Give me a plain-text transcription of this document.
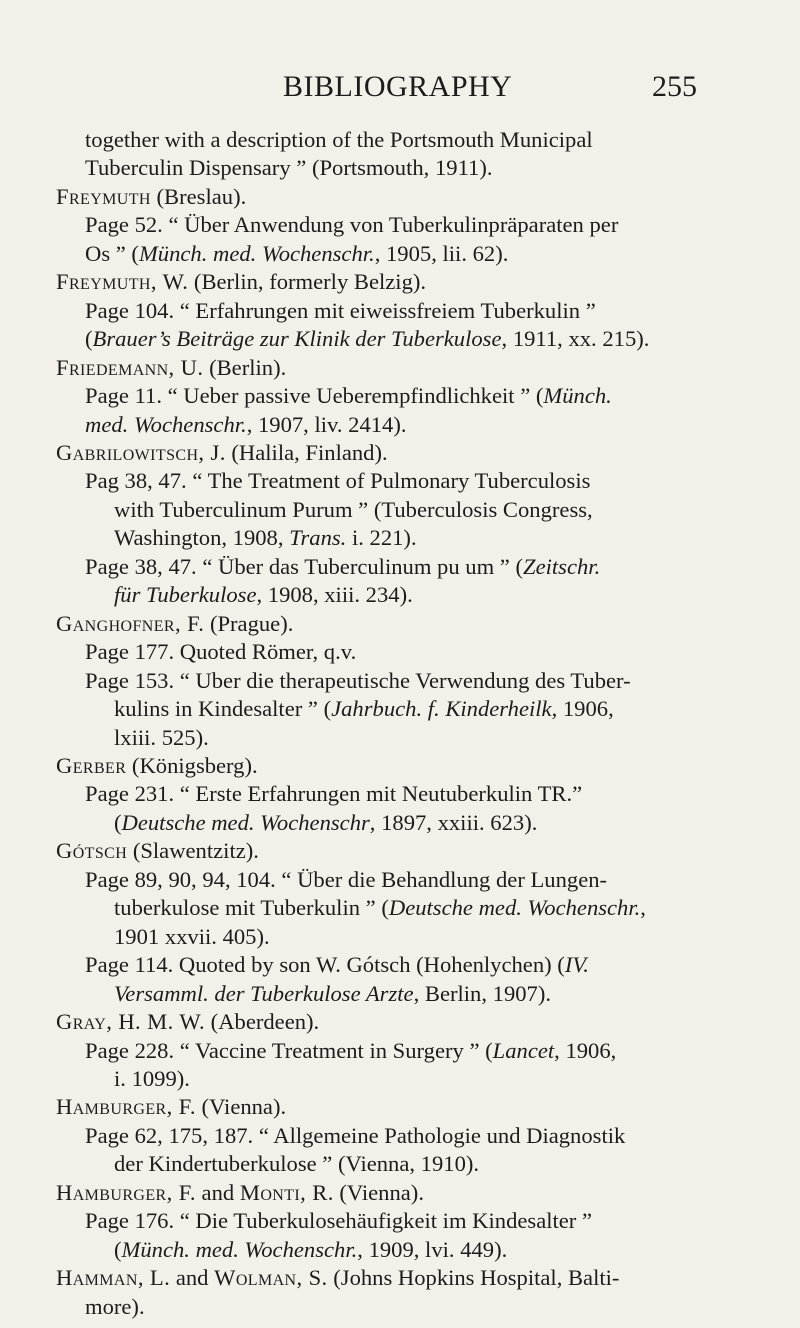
BIBLIOGRAPHY	255
together with a description of the Portsmouth Municipal
Tuberculin Dispensary ” (Portsmouth, 1911).
Freymuth (Breslau).
Page 52. “ Über Anwendung von Tuberkulinpräparaten per
Os ” (Münch. med. Wochenschr., 1905, lii. 62).
Freymuth, W. (Berlin, formerly Belzig).
Page 104. “ Erfahrungen mit eiweissfreiem Tuberkulin ”
(Brauer’s Beiträge zur Klinik der Tuberkulose, 1911, xx. 215).
Friedemann, U. (Berlin).
Page 11. “ Ueber passive Ueberempfindlichkeit ” (Münch.
med. Wochenschr., 1907, liv. 2414).
Gabrilowitsch, J. (Halila, Finland).
Pag 38, 47. “ The Treatment of Pulmonary Tuberculosis
with Tuberculinum Purum ” (Tuberculosis Congress,
Washington, 1908, Trans. i. 221).
Page 38, 47. “ Über das Tuberculinum pu um ” (Zeitschr.
für Tuberkulose, 1908, xiii. 234).
Ganghofner, F. (Prague).
Page 177. Quoted Römer, q.v.
Page 153. “ Uber die therapeutische Verwendung des Tuber-
kulins in Kindesalter ” (Jahrbuch. f. Kinderheilk, 1906,
lxiii. 525).
Gerber (Königsberg).
Page 231. “ Erste Erfahrungen mit Neutuberkulin TR.”
(Deutsche med. Wochenschr, 1897, xxiii. 623).
Gótsch (Slawentzitz).
Page 89, 90, 94, 104. “ Über die Behandlung der Lungen-
tuberkulose mit Tuberkulin ” (Deutsche med. Wochenschr.,
1901 xxvii. 405).
Page 114. Quoted by son W. Gótsch (Hohenlychen) (IV.
Versamml. der Tuberkulose Arzte, Berlin, 1907).
Gray, H. M. W. (Aberdeen).
Page 228. “ Vaccine Treatment in Surgery ” (Lancet, 1906,
i. 1099).
Hamburger, F. (Vienna).
Page 62, 175, 187. “ Allgemeine Pathologie und Diagnostik
der Kindertuberkulose ” (Vienna, 1910).
Hamburger, F. and Monti, R. (Vienna).
Page 176. “ Die Tuberkulosehäufigkeit im Kindesalter ”
(Münch. med. Wochenschr., 1909, lvi. 449).
Hamman, L. and Wolman, S. (Johns Hopkins Hospital, Balti-
more).
